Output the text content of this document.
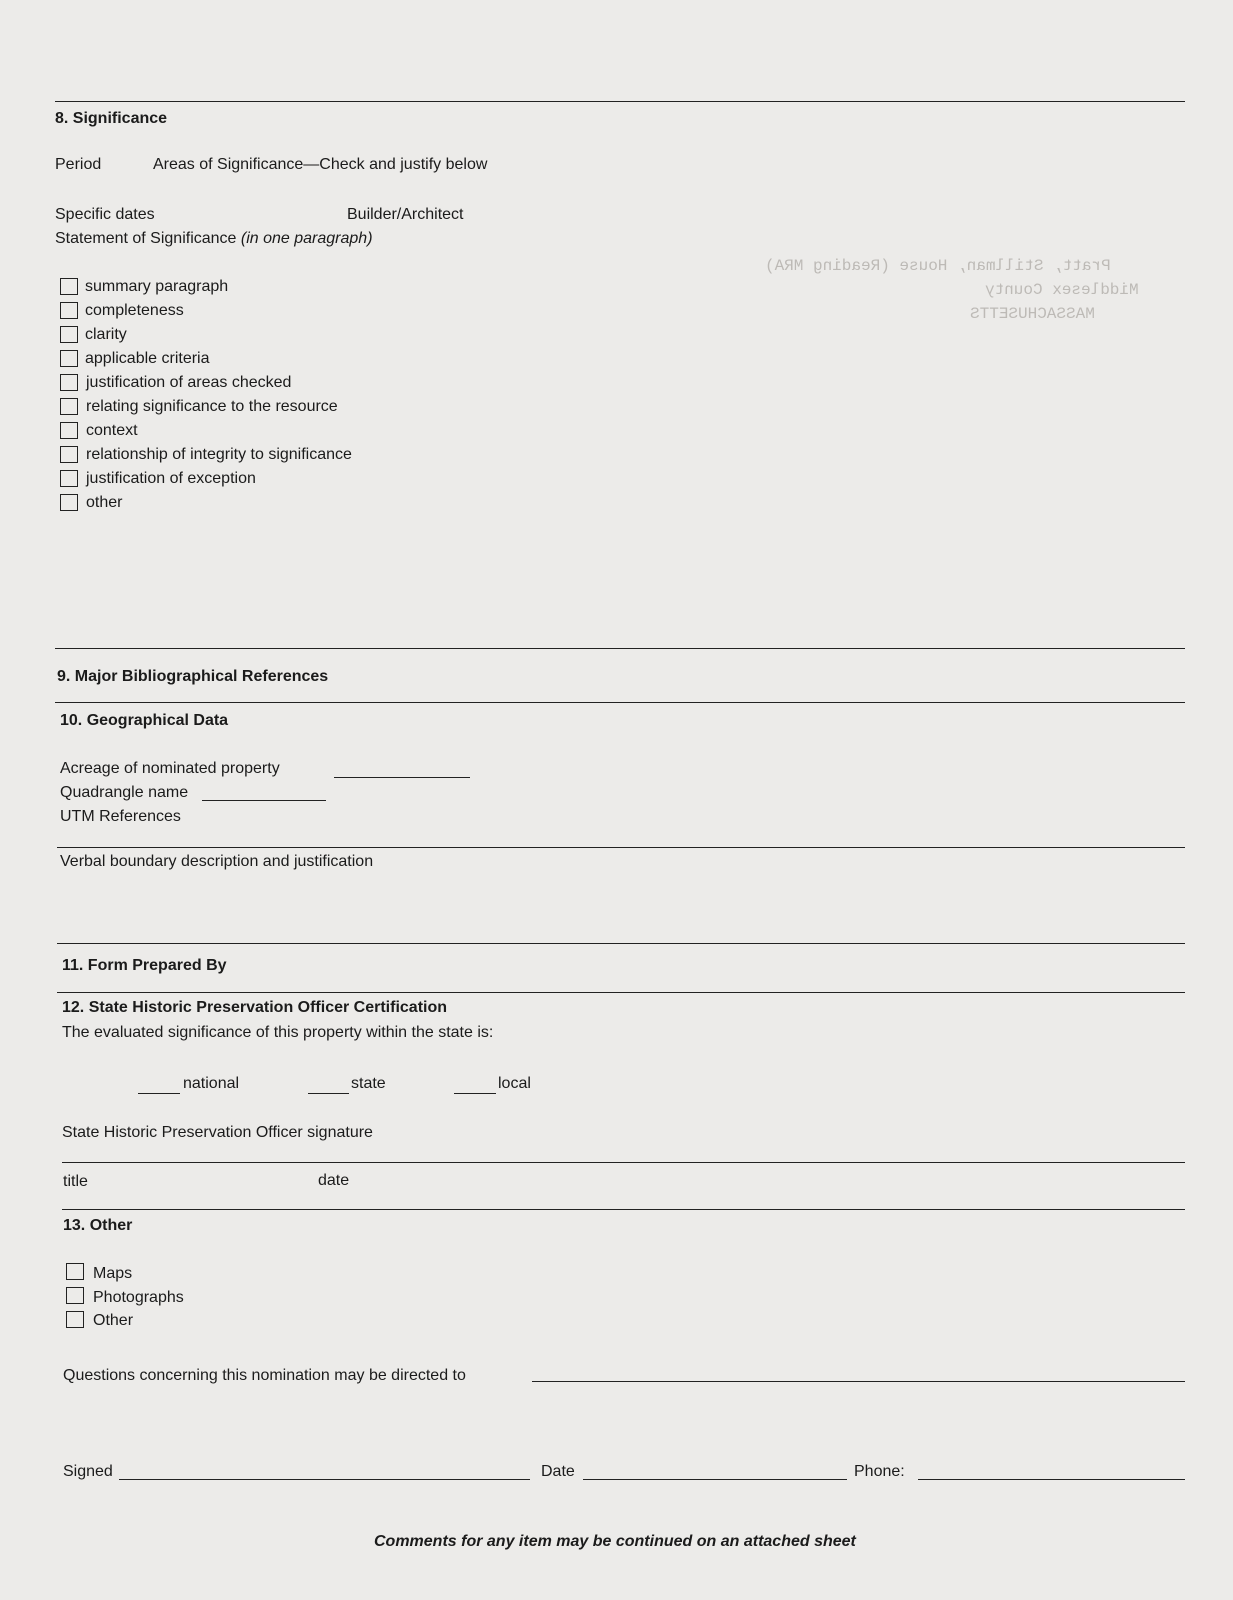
Pratt, Stillman, House (Reading MRA)
Middlesex County
MASSACHUSETTS
8. Significance
Period	Areas of Significance—Check and justify below
Specific dates	Builder/Architect
Statement of Significance (in one paragraph)
summary paragraph
completeness
clarity
applicable criteria
justification of areas checked
relating significance to the resource
context
relationship of integrity to significance
justification of exception
other
9. Major Bibliographical References
10. Geographical Data
Acreage of nominated property
Quadrangle name
UTM References
Verbal boundary description and justification
11. Form Prepared By
12. State Historic Preservation Officer Certification
The evaluated significance of this property within the state is:
national	state	local
State Historic Preservation Officer signature
title	date
13. Other
Maps
Photographs
Other
Questions concerning this nomination may be directed to
Signed	Date	Phone:
Comments for any item may be continued on an attached sheet
